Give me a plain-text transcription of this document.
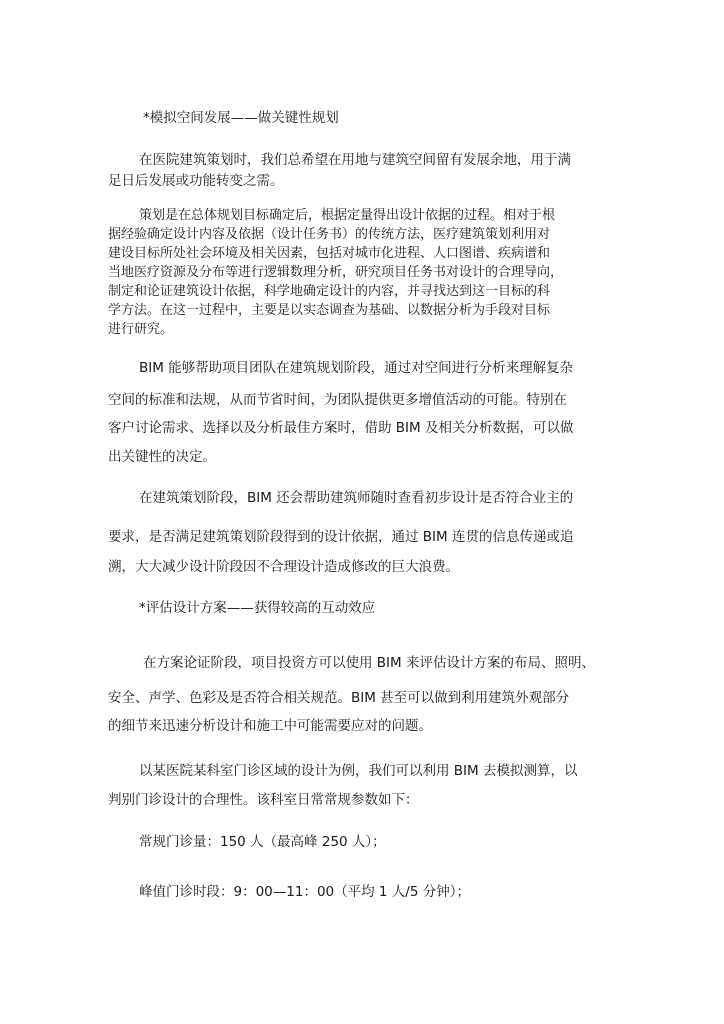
*模拟空间发展——做关键性规划
在医院建筑策划时，我们总希望在用地与建筑空间留有发展余地，用于满
足日后发展或功能转变之需。
策划是在总体规划目标确定后，根据定量得出设计依据的过程。相对于根
据经验确定设计内容及依据（设计任务书）的传统方法，医疗建筑策划利用对
建设目标所处社会环境及相关因素，包括对城市化进程、人口图谱、疾病谱和
当地医疗资源及分布等进行逻辑数理分析，研究项目任务书对设计的合理导向，
制定和论证建筑设计依据，科学地确定设计的内容，并寻找达到这一目标的科
学方法。在这一过程中，主要是以实态调查为基础、以数据分析为手段对目标
进行研究。
BIM 能够帮助项目团队在建筑规划阶段，通过对空间进行分析来理解复杂
空间的标准和法规，从而节省时间，为团队提供更多增值活动的可能。特别在
客户讨论需求、选择以及分析最佳方案时，借助 BIM 及相关分析数据，可以做
出关键性的决定。
在建筑策划阶段，BIM 还会帮助建筑师随时查看初步设计是否符合业主的
要求，是否满足建筑策划阶段得到的设计依据，通过 BIM 连贯的信息传递或追
溯，大大减少设计阶段因不合理设计造成修改的巨大浪费。
*评估设计方案——获得较高的互动效应
在方案论证阶段，项目投资方可以使用 BIM 来评估设计方案的布局、照明、
安全、声学、色彩及是否符合相关规范。BIM 甚至可以做到利用建筑外观部分
的细节来迅速分析设计和施工中可能需要应对的问题。
以某医院某科室门诊区域的设计为例，我们可以利用 BIM 去模拟测算，以
判别门诊设计的合理性。该科室日常常规参数如下：
常规门诊量：150 人（最高峰 250 人）；
峰值门诊时段：9：00—11：00（平均 1 人/5 分钟）；
